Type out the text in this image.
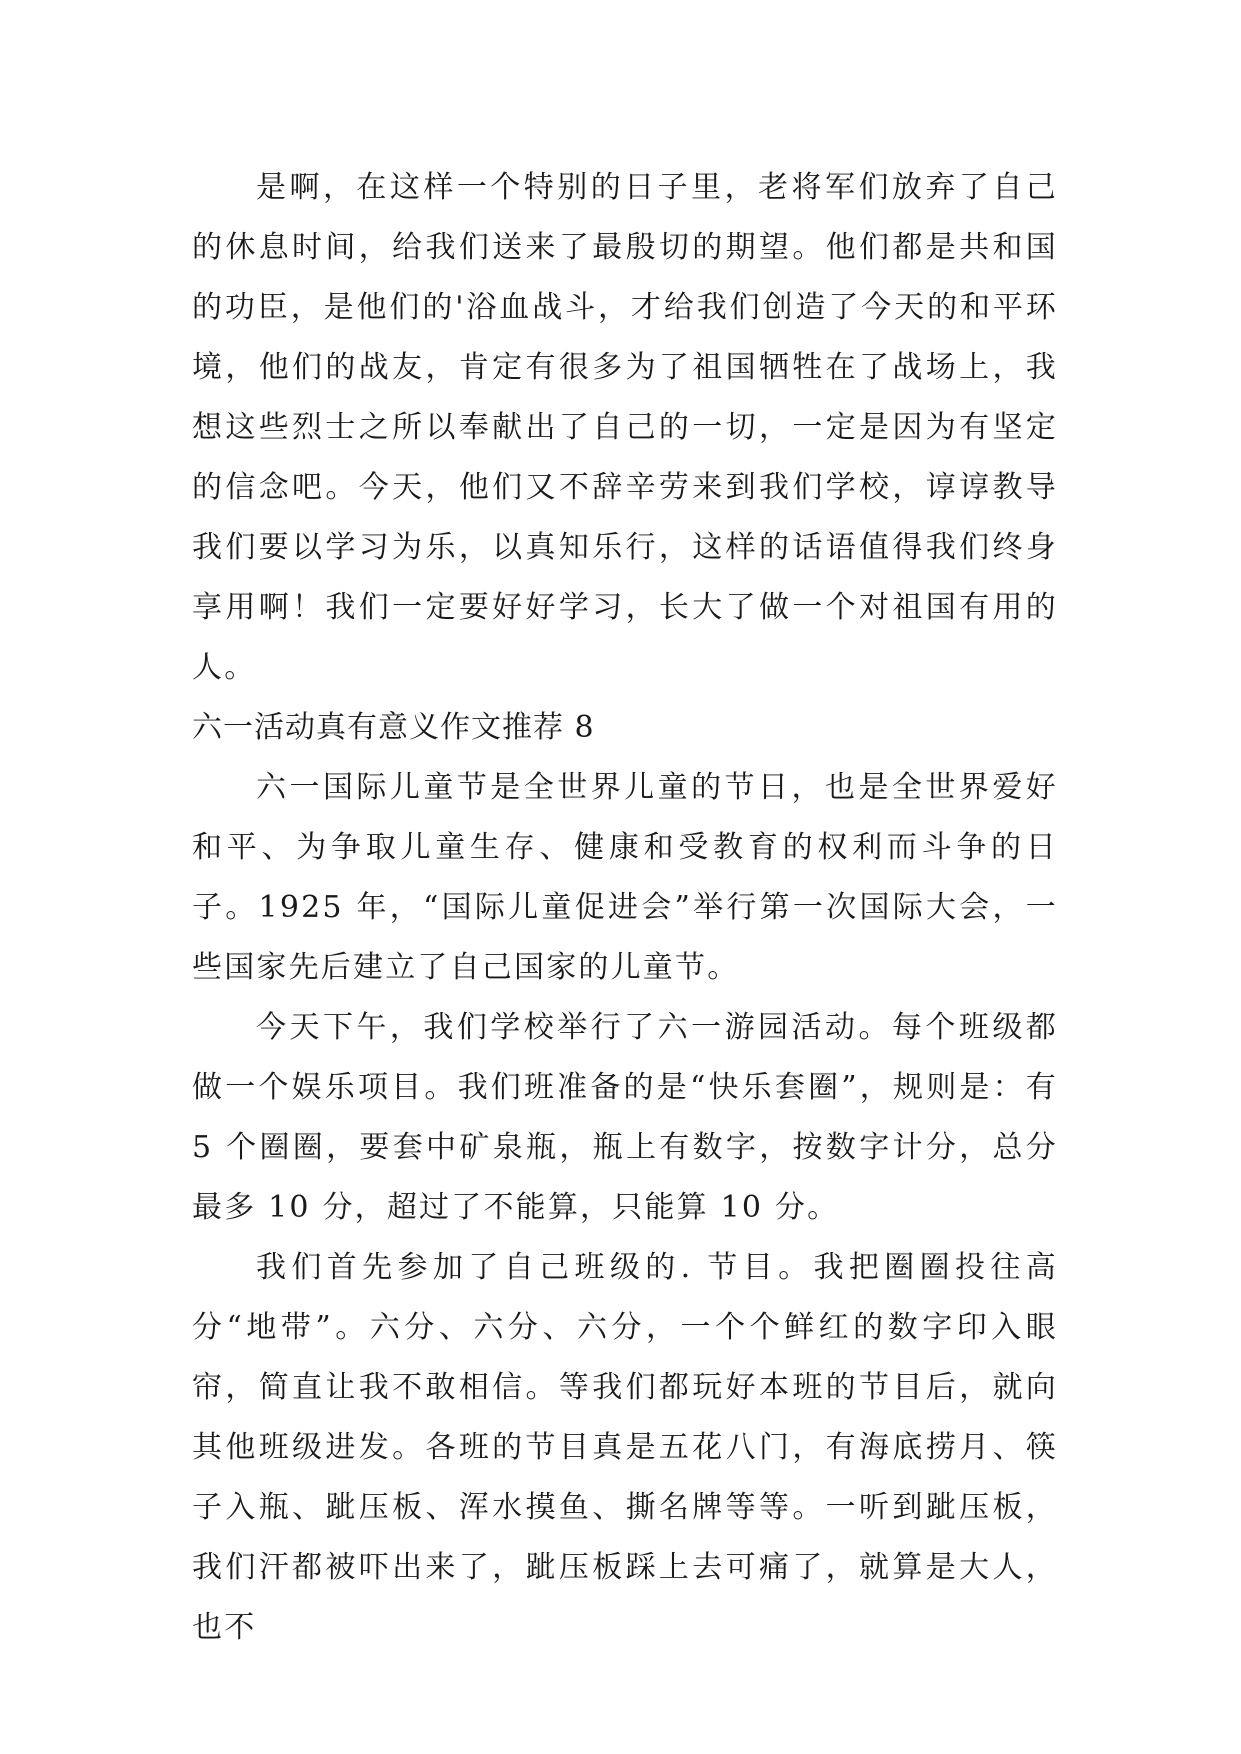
是啊，在这样一个特别的日子里，老将军们放弃了自己的休息时间，给我们送来了最殷切的期望。他们都是共和国的功臣，是他们的'浴血战斗，才给我们创造了今天的和平环境，他们的战友，肯定有很多为了祖国牺牲在了战场上，我想这些烈士之所以奉献出了自己的一切，一定是因为有坚定的信念吧。今天，他们又不辞辛劳来到我们学校，谆谆教导我们要以学习为乐，以真知乐行，这样的话语值得我们终身享用啊！我们一定要好好学习，长大了做一个对祖国有用的人。

六一活动真有意义作文推荐 8

六一国际儿童节是全世界儿童的节日，也是全世界爱好和平、为争取儿童生存、健康和受教育的权利而斗争的日子。1925 年，“国际儿童促进会”举行第一次国际大会，一些国家先后建立了自己国家的儿童节。

今天下午，我们学校举行了六一游园活动。每个班级都做一个娱乐项目。我们班准备的是“快乐套圈”，规则是：有 5 个圈圈，要套中矿泉瓶，瓶上有数字，按数字计分，总分最多 10 分，超过了不能算，只能算 10 分。

我们首先参加了自己班级的. 节目。我把圈圈投往高分“地带”。六分、六分、六分，一个个鲜红的数字印入眼帘，简直让我不敢相信。等我们都玩好本班的节目后，就向其他班级进发。各班的节目真是五花八门，有海底捞月、筷子入瓶、跐压板、浑水摸鱼、撕名牌等等。一听到跐压板，我们汗都被吓出来了，跐压板踩上去可痛了，就算是大人，也不
